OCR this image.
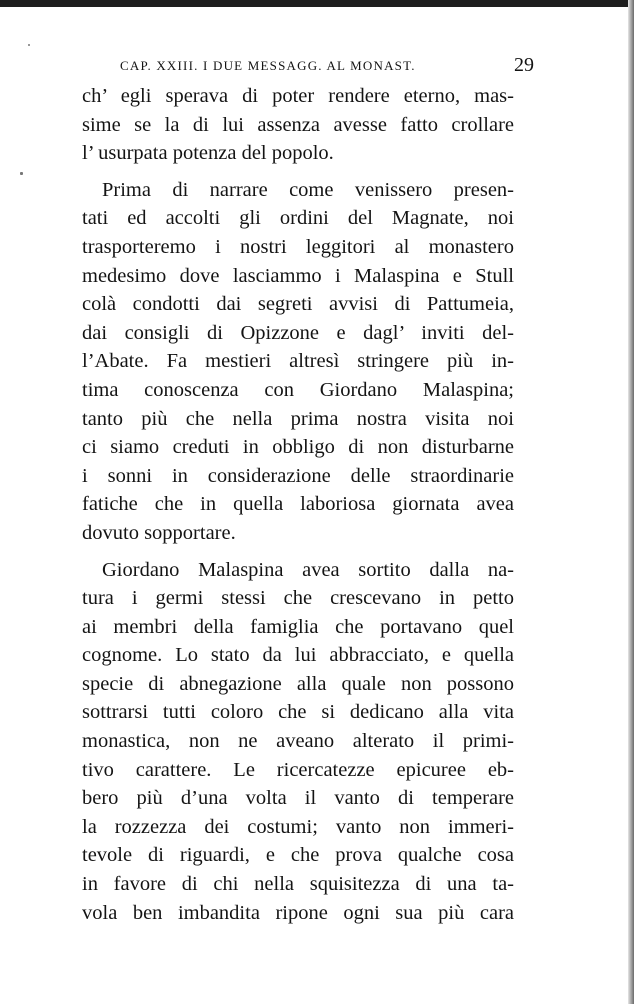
CAP. XXIII. I DUE MESSAGG. AL MONAST.	29
ch’ egli sperava di poter rendere eterno, mas-
sime se la di lui assenza avesse fatto crollare
l’ usurpata potenza del popolo.
Prima di narrare come venissero presen-
tati ed accolti gli ordini del Magnate, noi
trasporteremo i nostri leggitori al monastero
medesimo dove lasciammo i Malaspina e Stull
colà condotti dai segreti avvisi di Pattumeia,
dai consigli di Opizzone e dagl’ inviti del-
l’Abate. Fa mestieri altresì stringere più in-
tima conoscenza con Giordano Malaspina;
tanto più che nella prima nostra visita noi
ci siamo creduti in obbligo di non disturbarne
i sonni in considerazione delle straordinarie
fatiche che in quella laboriosa giornata avea
dovuto sopportare.
Giordano Malaspina avea sortito dalla na-
tura i germi stessi che crescevano in petto
ai membri della famiglia che portavano quel
cognome. Lo stato da lui abbracciato, e quella
specie di abnegazione alla quale non possono
sottrarsi tutti coloro che si dedicano alla vita
monastica, non ne aveano alterato il primi-
tivo carattere. Le ricercatezze epicuree eb-
bero più d’una volta il vanto di temperare
la rozzezza dei costumi; vanto non immeri-
tevole di riguardi, e che prova qualche cosa
in favore di chi nella squisitezza di una ta-
vola ben imbandita ripone ogni sua più cara
